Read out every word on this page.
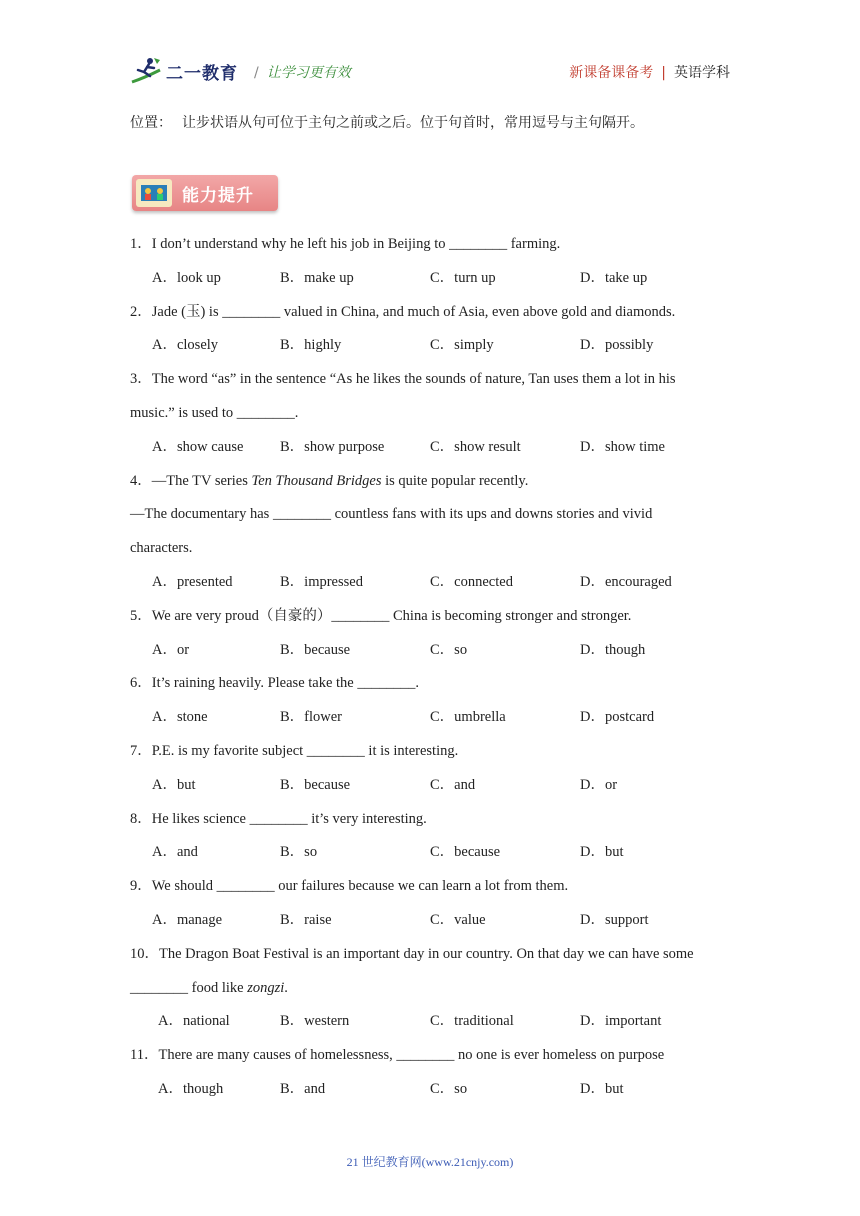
二一教育 / 让学习更有效	新课备课备考 | 英语学科
位置： 让步状语从句可位于主句之前或之后。位于句首时，常用逗号与主句隔开。
能力提升
1．I don’t understand why he left his job in Beijing to ________ farming.
A．look up	B．make up	C．turn up	D．take up
2．Jade (玉) is ________ valued in China, and much of Asia, even above gold and diamonds.
A．closely	B．highly	C．simply	D．possibly
3．The word “as” in the sentence “As he likes the sounds of nature, Tan uses them a lot in his
music.” is used to ________.
A．show cause	B．show purpose	C．show result	D．show time
4．—The TV series Ten Thousand Bridges is quite popular recently.
—The documentary has ________ countless fans with its ups and downs stories and vivid
characters.
A．presented	B．impressed	C．connected	D．encouraged
5．We are very proud（自豪的）________ China is becoming stronger and stronger.
A．or	B．because	C．so	D．though
6．It’s raining heavily. Please take the ________.
A．stone	B．flower	C．umbrella	D．postcard
7．P.E. is my favorite subject ________ it is interesting.
A．but	B．because	C．and	D．or
8．He likes science ________ it’s very interesting.
A．and	B．so	C．because	D．but
9．We should ________ our failures because we can learn a lot from them.
A．manage	B．raise	C．value	D．support
10．The Dragon Boat Festival is an important day in our country. On that day we can have some
________ food like zongzi.
A．national	B．western	C．traditional	D．important
11．There are many causes of homelessness, ________ no one is ever homeless on purpose
A．though	B．and	C．so	D．but
21 世纪教育网(www.21cnjy.com)
